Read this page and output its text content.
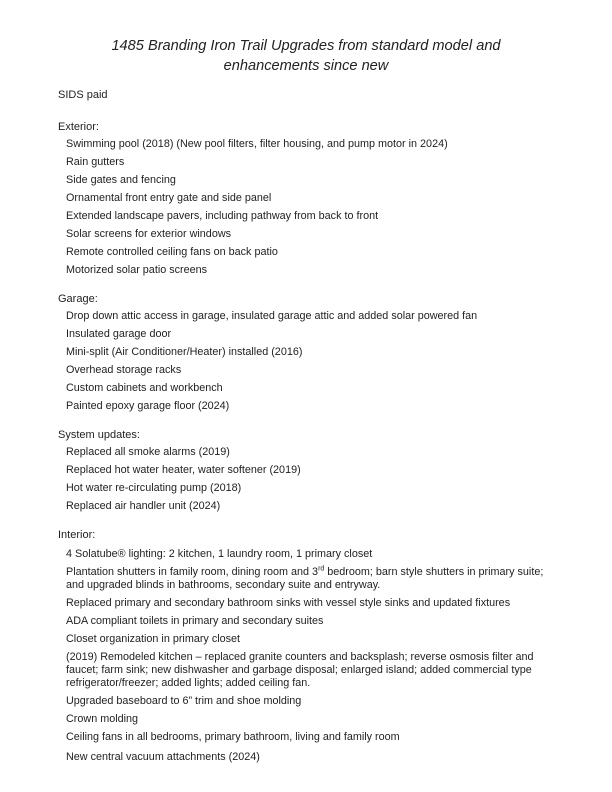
1485 Branding Iron Trail Upgrades from standard model and
enhancements since new
SIDS paid
Exterior:
Swimming pool (2018) (New pool filters, filter housing, and pump motor in 2024)
Rain gutters
Side gates and fencing
Ornamental front entry gate and side panel
Extended landscape pavers, including pathway from back to front
Solar screens for exterior windows
Remote controlled ceiling fans on back patio
Motorized solar patio screens
Garage:
Drop down attic access in garage, insulated garage attic and added solar powered fan
Insulated garage door
Mini-split (Air Conditioner/Heater) installed (2016)
Overhead storage racks
Custom cabinets and workbench
Painted epoxy garage floor (2024)
System updates:
Replaced all smoke alarms (2019)
Replaced hot water heater, water softener (2019)
Hot water re-circulating pump (2018)
Replaced air handler unit (2024)
Interior:
4 Solatube® lighting: 2 kitchen, 1 laundry room, 1 primary closet
Plantation shutters in family room, dining room and 3rd bedroom; barn style shutters in primary suite; and upgraded blinds in bathrooms, secondary suite and entryway.
Replaced primary and secondary bathroom sinks with vessel style sinks and updated fixtures
ADA compliant toilets in primary and secondary suites
Closet organization in primary closet
(2019) Remodeled kitchen – replaced granite counters and backsplash; reverse osmosis filter and faucet; farm sink; new dishwasher and garbage disposal; enlarged island; added commercial type refrigerator/freezer; added lights; added ceiling fan.
Upgraded baseboard to 6” trim and shoe molding
Crown molding
Ceiling fans in all bedrooms, primary bathroom, living and family room
New central vacuum attachments (2024)
